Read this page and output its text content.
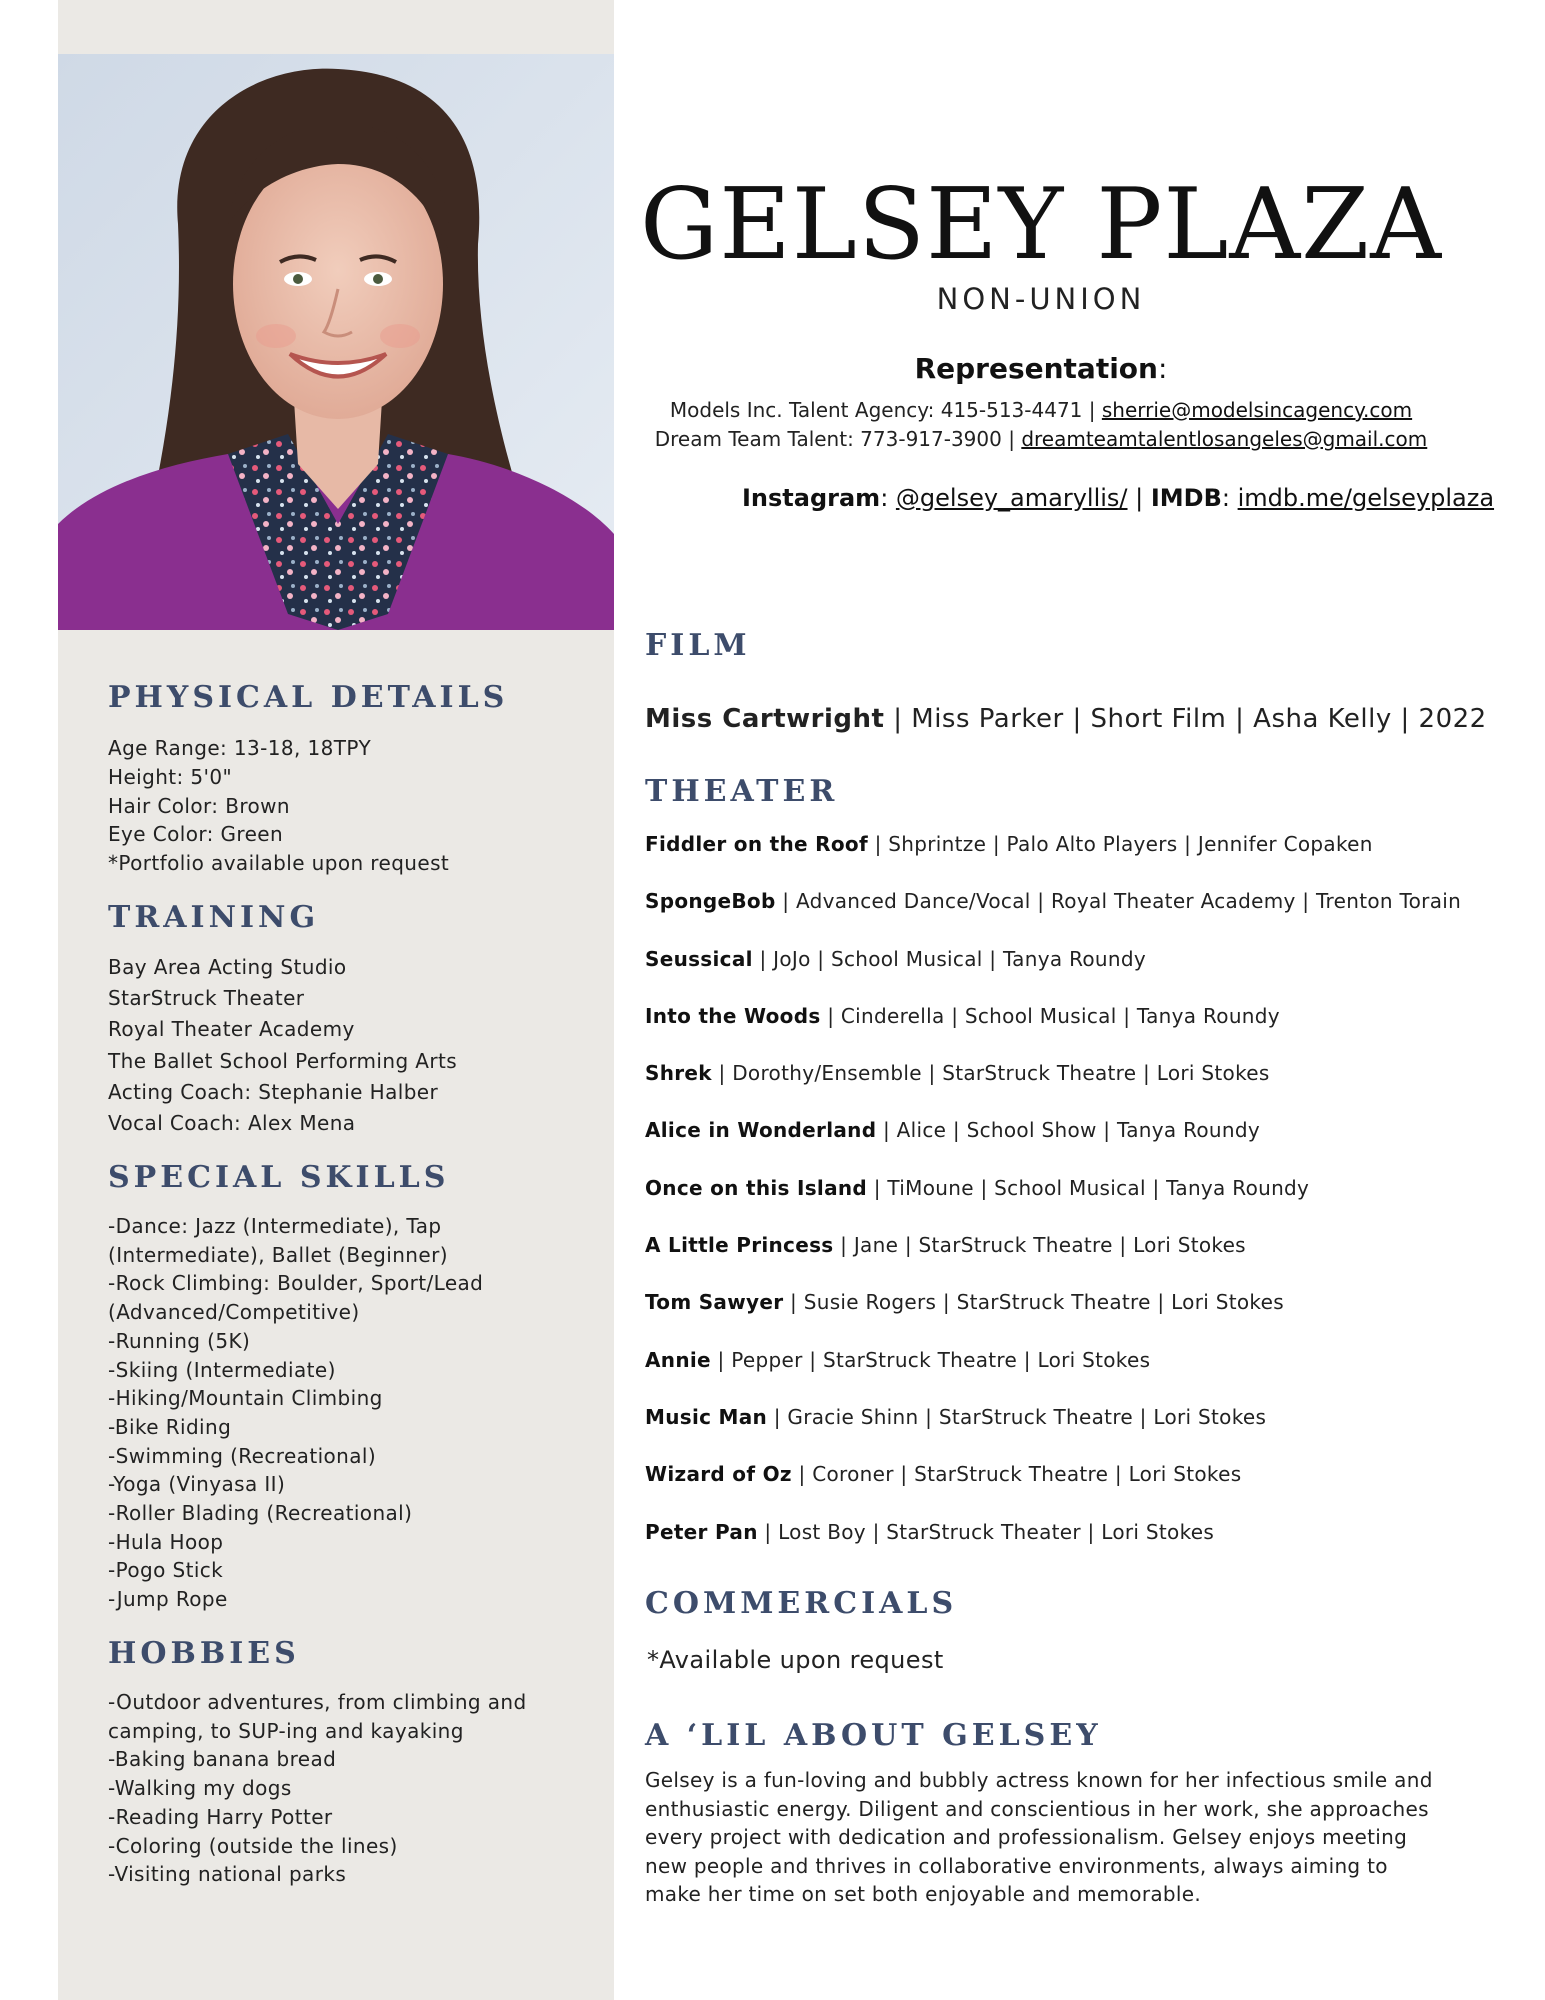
PHYSICAL DETAILS
Age Range: 13-18, 18TPY
Height: 5'0"
Hair Color: Brown
Eye Color: Green
*Portfolio available upon request
TRAINING
Bay Area Acting Studio
StarStruck Theater
Royal Theater Academy
The Ballet School Performing Arts
Acting Coach: Stephanie Halber
Vocal Coach: Alex Mena
SPECIAL SKILLS
-Dance: Jazz (Intermediate), Tap
(Intermediate), Ballet (Beginner)
-Rock Climbing: Boulder, Sport/Lead
(Advanced/Competitive)
-Running (5K)
-Skiing (Intermediate)
-Hiking/Mountain Climbing
-Bike Riding
-Swimming (Recreational)
-Yoga (Vinyasa II)
-Roller Blading (Recreational)
-Hula Hoop
-Pogo Stick
-Jump Rope
HOBBIES
-Outdoor adventures, from climbing and
camping, to SUP-ing and kayaking
-Baking banana bread
-Walking my dogs
-Reading Harry Potter
-Coloring (outside the lines)
-Visiting national parks
GELSEY PLAZA
NON-UNION
Representation:
Models Inc. Talent Agency: 415-513-4471 | sherrie@modelsincagency.com
Dream Team Talent: 773-917-3900 | dreamteamtalentlosangeles@gmail.com
Instagram: @gelsey_amaryllis/ | IMDB: imdb.me/gelseyplaza
FILM
Miss Cartwright | Miss Parker | Short Film | Asha Kelly | 2022
THEATER
Fiddler on the Roof | Shprintze | Palo Alto Players | Jennifer Copaken
SpongeBob | Advanced Dance/Vocal | Royal Theater Academy | Trenton Torain
Seussical | JoJo | School Musical | Tanya Roundy
Into the Woods | Cinderella | School Musical | Tanya Roundy
Shrek | Dorothy/Ensemble | StarStruck Theatre | Lori Stokes
Alice in Wonderland | Alice | School Show | Tanya Roundy
Once on this Island | TiMoune | School Musical | Tanya Roundy
A Little Princess | Jane | StarStruck Theatre | Lori Stokes
Tom Sawyer | Susie Rogers | StarStruck Theatre | Lori Stokes
Annie | Pepper | StarStruck Theatre | Lori Stokes
Music Man | Gracie Shinn | StarStruck Theatre | Lori Stokes
Wizard of Oz | Coroner | StarStruck Theatre | Lori Stokes
Peter Pan | Lost Boy | StarStruck Theater | Lori Stokes
COMMERCIALS
*Available upon request
A ‘LIL ABOUT GELSEY

Gelsey is a fun-loving and bubbly actress known for her infectious smile and enthusiastic energy. Diligent and conscientious in her work, she approaches every project with dedication and professionalism. Gelsey enjoys meeting new people and thrives in collaborative environments, always aiming to make her time on set both enjoyable and memorable.
